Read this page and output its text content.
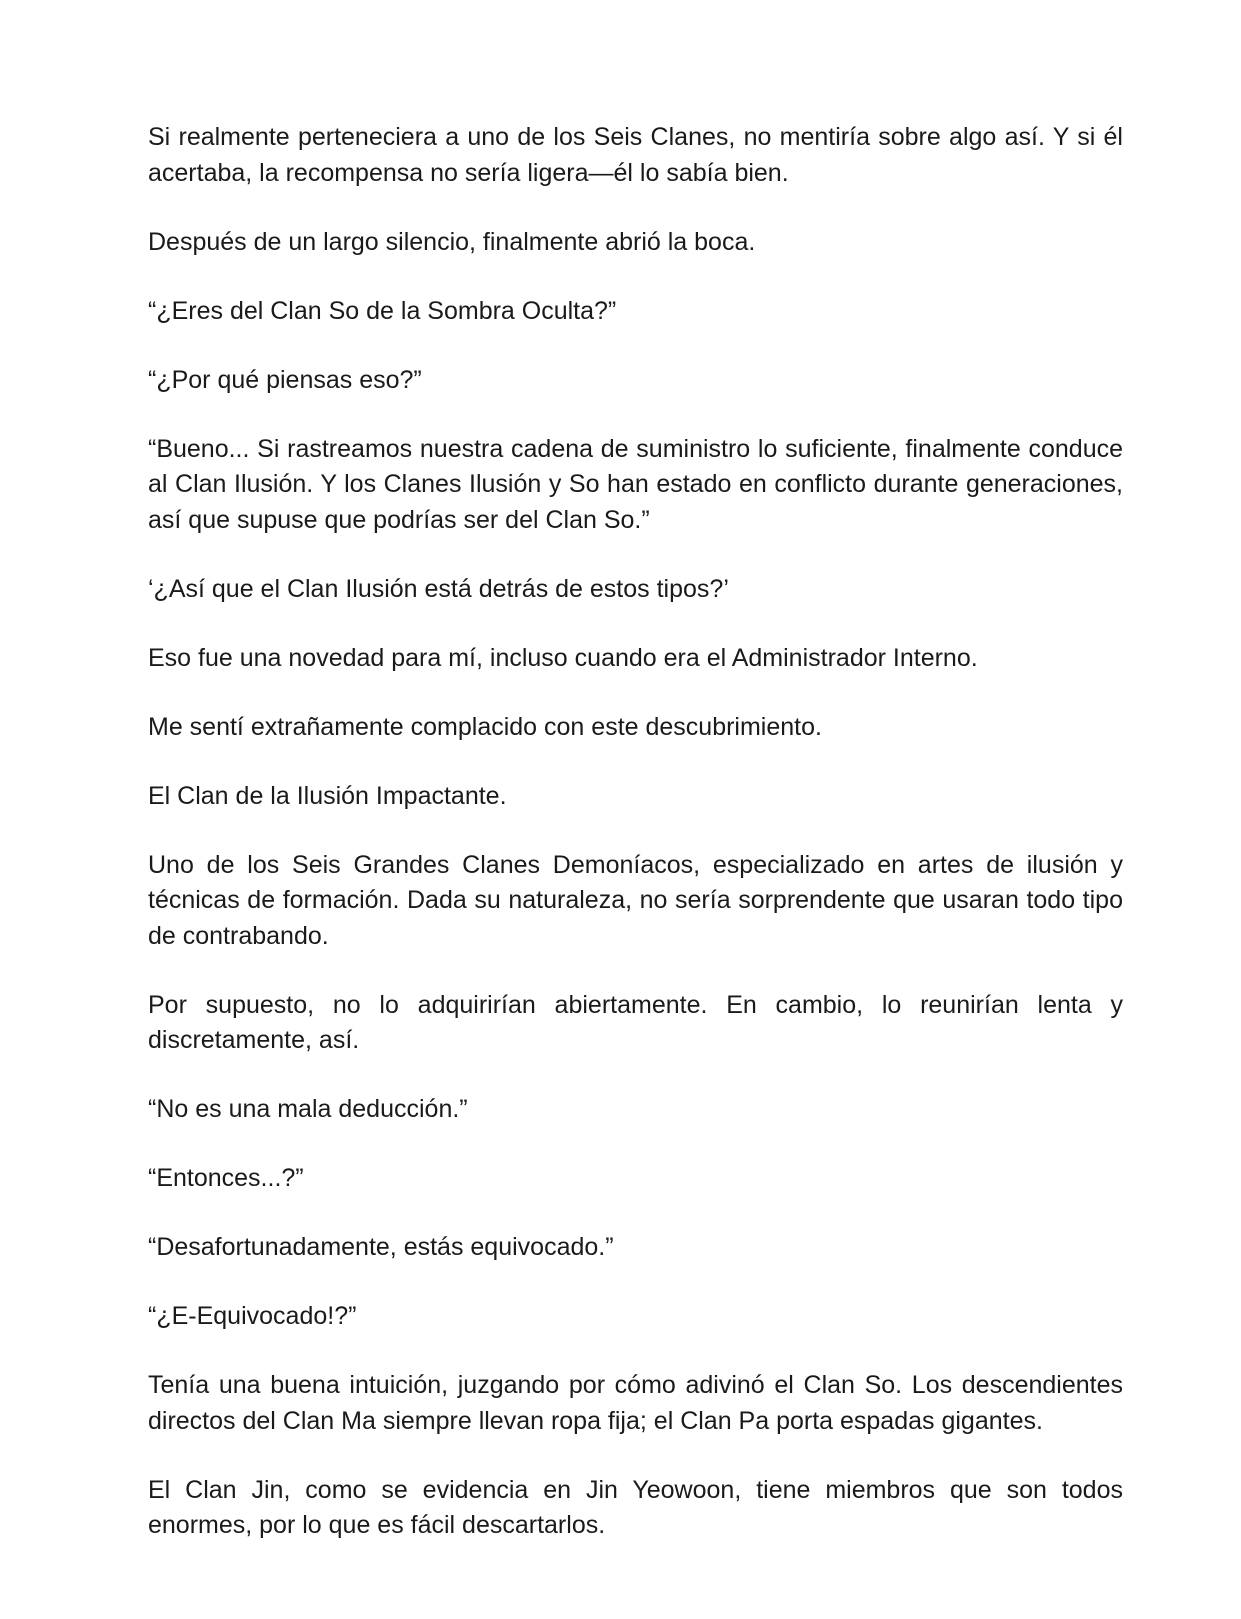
Si realmente perteneciera a uno de los Seis Clanes, no mentiría sobre algo así. Y si él acertaba, la recompensa no sería ligera—él lo sabía bien.

Después de un largo silencio, finalmente abrió la boca.

“¿Eres del Clan So de la Sombra Oculta?”

“¿Por qué piensas eso?”

“Bueno... Si rastreamos nuestra cadena de suministro lo suficiente, finalmente conduce al Clan Ilusión. Y los Clanes Ilusión y So han estado en conflicto durante generaciones, así que supuse que podrías ser del Clan So.”

‘¿Así que el Clan Ilusión está detrás de estos tipos?’

Eso fue una novedad para mí, incluso cuando era el Administrador Interno.

Me sentí extrañamente complacido con este descubrimiento.

El Clan de la Ilusión Impactante.

Uno de los Seis Grandes Clanes Demoníacos, especializado en artes de ilusión y técnicas de formación. Dada su naturaleza, no sería sorprendente que usaran todo tipo de contrabando.

Por supuesto, no lo adquirirían abiertamente. En cambio, lo reunirían lenta y discretamente, así.

“No es una mala deducción.”

“Entonces...?”

“Desafortunadamente, estás equivocado.”

“¿E-Equivocado!?”

Tenía una buena intuición, juzgando por cómo adivinó el Clan So. Los descendientes directos del Clan Ma siempre llevan ropa fija; el Clan Pa porta espadas gigantes.

El Clan Jin, como se evidencia en Jin Yeowoon, tiene miembros que son todos enormes, por lo que es fácil descartarlos.
